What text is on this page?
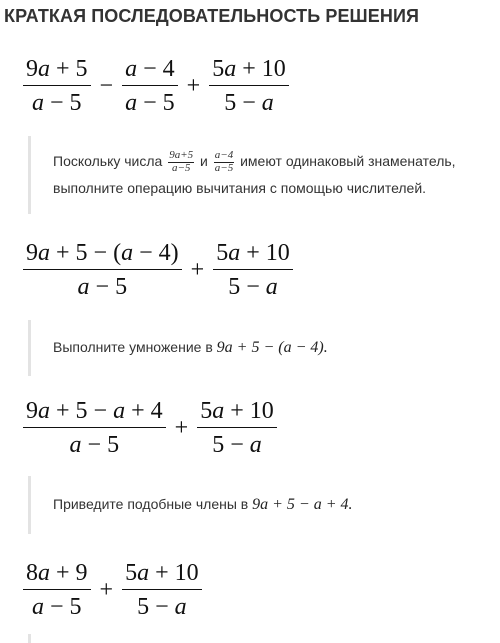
КРАТКАЯ ПОСЛЕДОВАТЕЛЬНОСТЬ РЕШЕНИЯ
$\frac{9a + 5}{a - 5} - \frac{a - 4}{a - 5} + \frac{5a + 10}{5 - a}$
Поскольку числа $\frac{9a+5}{a-5}$ и $\frac{a-4}{a-5}$ имеют одинаковый знаменатель,
выполните операцию вычитания с помощью числителей.
$\frac{9a + 5 - (a - 4)}{a - 5} + \frac{5a + 10}{5 - a}$
Выполните умножение в 9a + 5 − (a − 4).
$\frac{9a + 5 - a + 4}{a - 5} + \frac{5a + 10}{5 - a}$
Приведите подобные члены в 9a + 5 − a + 4.
$\frac{8a + 9}{a - 5} + \frac{5a + 10}{5 - a}$
